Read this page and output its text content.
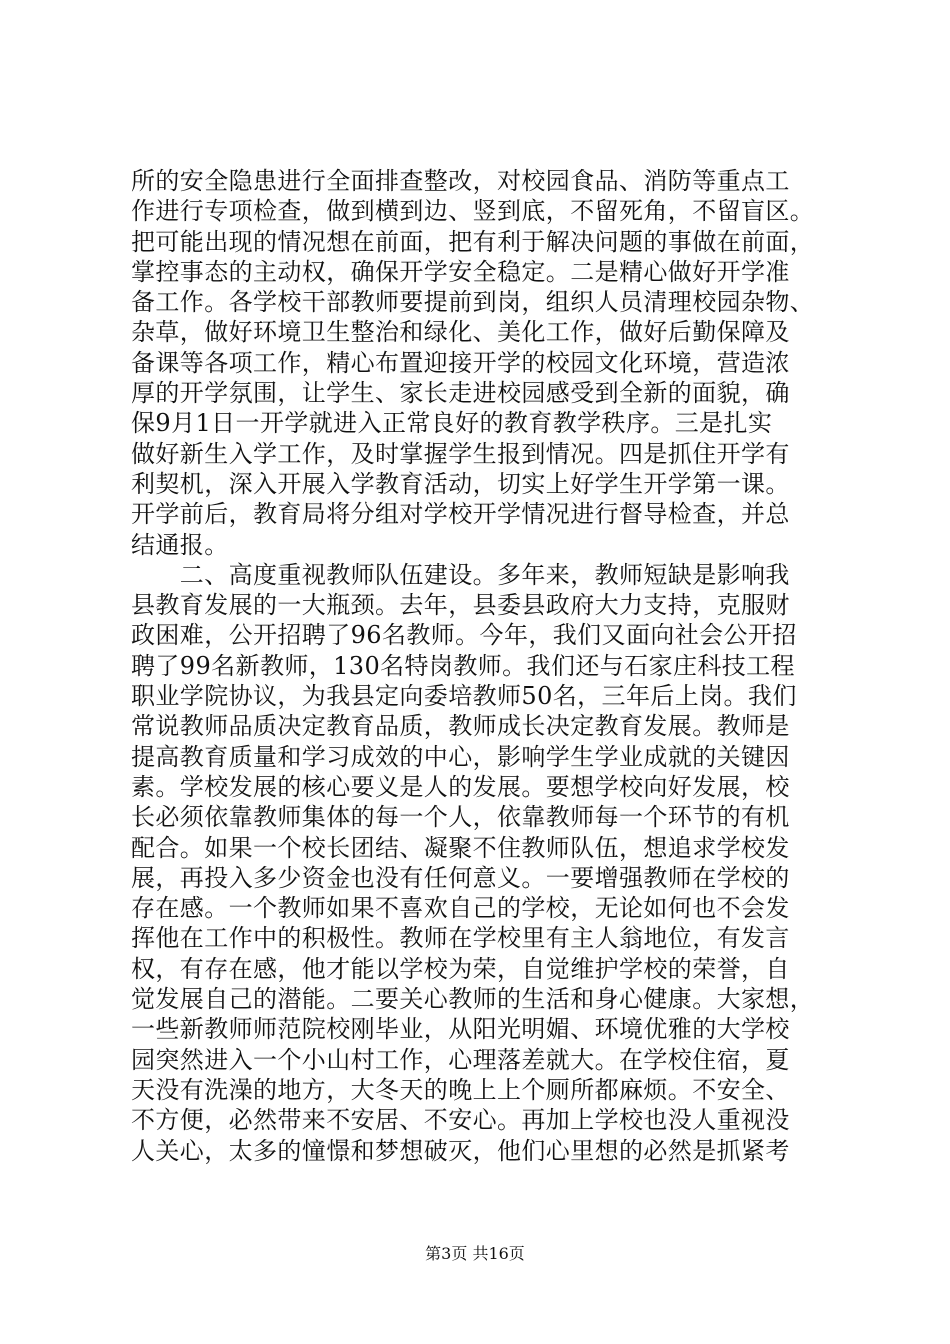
所的安全隐患进行全面排查整改，对校园食品、消防等重点工
作进行专项检查，做到横到边、竖到底，不留死角，不留盲区。
把可能出现的情况想在前面，把有利于解决问题的事做在前面，
掌控事态的主动权，确保开学安全稳定。二是精心做好开学准
备工作。各学校干部教师要提前到岗，组织人员清理校园杂物、
杂草，做好环境卫生整治和绿化、美化工作，做好后勤保障及
备课等各项工作，精心布置迎接开学的校园文化环境，营造浓
厚的开学氛围，让学生、家长走进校园感受到全新的面貌，确
保9月1日一开学就进入正常良好的教育教学秩序。三是扎实
做好新生入学工作，及时掌握学生报到情况。四是抓住开学有
利契机，深入开展入学教育活动，切实上好学生开学第一课。
开学前后，教育局将分组对学校开学情况进行督导检查，并总
结通报。
　　二、高度重视教师队伍建设。多年来，教师短缺是影响我
县教育发展的一大瓶颈。去年，县委县政府大力支持，克服财
政困难，公开招聘了96名教师。今年，我们又面向社会公开招
聘了99名新教师，130名特岗教师。我们还与石家庄科技工程
职业学院协议，为我县定向委培教师50名，三年后上岗。我们
常说教师品质决定教育品质，教师成长决定教育发展。教师是
提高教育质量和学习成效的中心，影响学生学业成就的关键因
素。学校发展的核心要义是人的发展。要想学校向好发展，校
长必须依靠教师集体的每一个人，依靠教师每一个环节的有机
配合。如果一个校长团结、凝聚不住教师队伍，想追求学校发
展，再投入多少资金也没有任何意义。一要增强教师在学校的
存在感。一个教师如果不喜欢自己的学校，无论如何也不会发
挥他在工作中的积极性。教师在学校里有主人翁地位，有发言
权，有存在感，他才能以学校为荣，自觉维护学校的荣誉，自
觉发展自己的潜能。二要关心教师的生活和身心健康。大家想，
一些新教师师范院校刚毕业，从阳光明媚、环境优雅的大学校
园突然进入一个小山村工作，心理落差就大。在学校住宿，夏
天没有洗澡的地方，大冬天的晚上上个厕所都麻烦。不安全、
不方便，必然带来不安居、不安心。再加上学校也没人重视没
人关心，太多的憧憬和梦想破灭，他们心里想的必然是抓紧考
第3页 共16页
